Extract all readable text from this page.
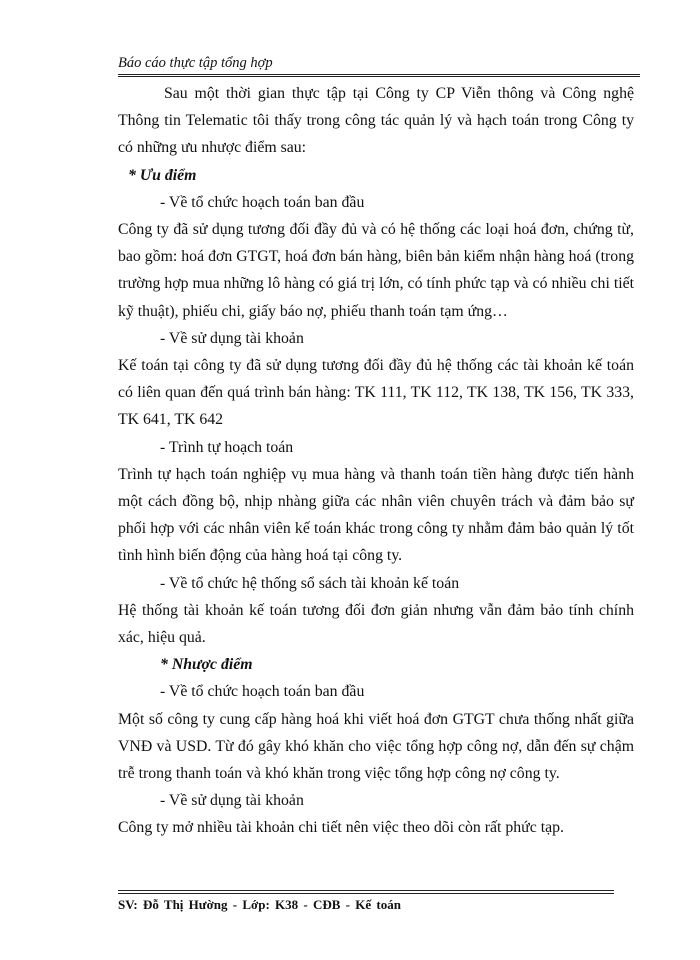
Báo cáo thực tập tổng hợp

Sau một thời gian thực tập tại Công ty CP Viễn thông và Công nghệ Thông tin Telematic tôi thấy trong công tác quản lý và hạch toán trong Công ty có những ưu nhược điểm sau:

* Ưu điểm

- Về tổ chức hoạch toán ban đầu

Công ty đã sử dụng tương đối đầy đủ và có hệ thống các loại hoá đơn, chứng từ, bao gồm: hoá đơn GTGT, hoá đơn bán hàng, biên bản kiểm nhận hàng hoá (trong trường hợp mua những lô hàng có giá trị lớn, có tính phức tạp và có nhiều chi tiết kỹ thuật), phiếu chi, giấy báo nợ, phiếu thanh toán tạm ứng…

- Về sử dụng tài khoản

Kế toán tại công ty đã sử dụng tương đối đầy đủ hệ thống các tài khoản kế toán có liên quan đến quá trình bán hàng: TK 111, TK 112, TK 138, TK 156, TK 333, TK 641, TK 642

- Trình tự hoạch toán

Trình tự hạch toán nghiệp vụ mua hàng và thanh toán tiền hàng được tiến hành một cách đồng bộ, nhịp nhàng giữa các nhân viên chuyên trách và đảm bảo sự phối hợp với các nhân viên kế toán khác trong công ty nhằm đảm bảo quản lý tốt tình hình biến động của hàng hoá tại công ty.

- Về tổ chức hệ thống sổ sách tài khoản kế toán

Hệ thống tài khoản kế toán tương đối đơn giản nhưng vẫn đảm bảo tính chính xác, hiệu quả.

* Nhược điểm

- Về tổ chức hoạch toán ban đầu

Một số công ty cung cấp hàng hoá khi viết hoá đơn GTGT chưa thống nhất giữa VNĐ và USD. Từ đó gây khó khăn cho việc tổng hợp công nợ, dẫn đến sự chậm trễ trong thanh toán và khó khăn trong việc tổng hợp công nợ công ty.

- Về sử dụng tài khoản

Công ty mở nhiều tài khoản chi tiết nên việc theo dõi còn rất phức tạp.

SV: Đỗ Thị Hường - Lớp: K38 - CĐB - Kế toán
